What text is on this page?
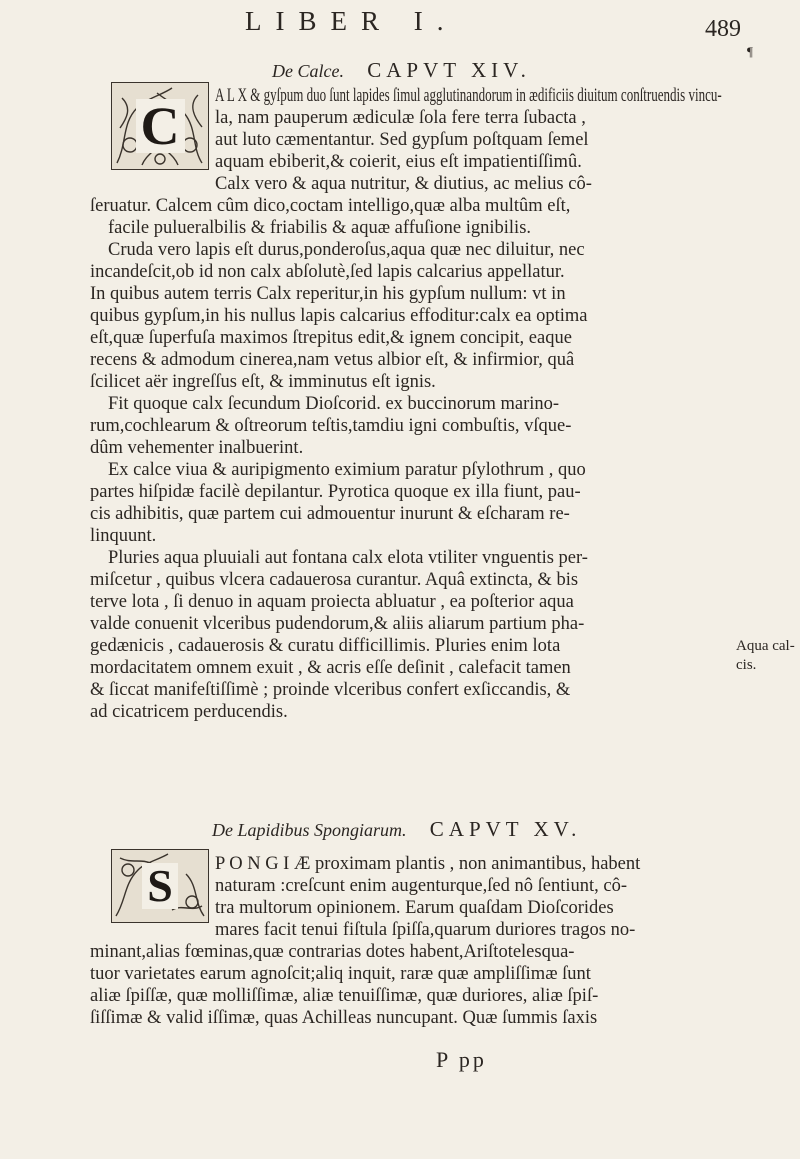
LIBER I.	489
¶
De Calce. CAPVT XIV.
C A L X & gyſpum duo ſunt lapides ſimul agglutinandorum in ædificiis diuitum conſtruendis vincu-
la, nam pauperum ædiculæ ſola fere terra ſubacta ,
aut luto cæmentantur. Sed gypſum poſtquam ſemel
aquam ebiberit,& coierit, eius eſt impatientiſſimû.
Calx vero & aqua nutritur, & diutius, ac melius cô-
ſeruatur. Calcem cûm dico,coctam intelligo,quæ alba multûm eſt,
facile pulueralbilis & friabilis & aquæ affuſione ignibilis.
Cruda vero lapis eſt durus,ponderoſus,aqua quæ nec diluitur, nec
incandeſcit,ob id non calx abſolutè,ſed lapis calcarius appellatur.
In quibus autem terris Calx reperitur,in his gypſum nullum: vt in
quibus gypſum,in his nullus lapis calcarius effoditur:calx ea optima
eſt,quæ ſuperfuſa maximos ſtrepitus edit,& ignem concipit, eaque
recens & admodum cinerea,nam vetus albior eſt, & infirmior, quâ
ſcilicet aër ingreſſus eſt, & imminutus eſt ignis.
Fit quoque calx ſecundum Dioſcorid. ex buccinorum marino-
rum,cochlearum & oſtreorum teſtis,tamdiu igni combuſtis, vſque-
dûm vehementer inalbuerint.
Ex calce viua & auripigmento eximium paratur pſylothrum , quo
partes hiſpidæ facilè depilantur. Pyrotica quoque ex illa fiunt, pau-
cis adhibitis, quæ partem cui admouentur inurunt & eſcharam re-
linquunt.
Pluries aqua pluuiali aut fontana calx elota vtiliter vnguentis per-
miſcetur , quibus vlcera cadauerosa curantur. Aquâ extincta, & bis
terve lota , ſi denuo in aquam proiecta abluatur , ea poſterior aqua
valde conuenit vlceribus pudendorum,& aliis aliarum partium pha-
gedænicis , cadauerosis & curatu difficillimis. Pluries enim lota
mordacitatem omnem exuit , & acris eſſe deſinit , calefacit tamen
& ſiccat manifeſtiſſimè ; proinde vlceribus confert exſiccandis, &
ad cicatricem perducendis.
Aqua cal-
cis.
De Lapidibus Spongiarum. CAPVT XV.
S P O N G I Æ proximam plantis , non animantibus, habent
naturam :creſcunt enim augenturque,ſed nô ſentiunt, cô-
tra multorum opinionem. Earum quaſdam Dioſcorides
mares facit tenui fiſtula ſpiſſa,quarum duriores tragos no-
minant,alias fœminas,quæ contrarias dotes habent,Ariſtotelesqua-
tuor varietates earum agnoſcit;aliq inquit, raræ quæ ampliſſimæ ſunt
aliæ ſpiſſæ, quæ molliſſimæ, aliæ tenuiſſimæ, quæ duriores, aliæ ſpiſ-
ſiſſimæ & valid iſſimæ, quas Achilleas nuncupant. Quæ ſummis ſaxis
P pp
